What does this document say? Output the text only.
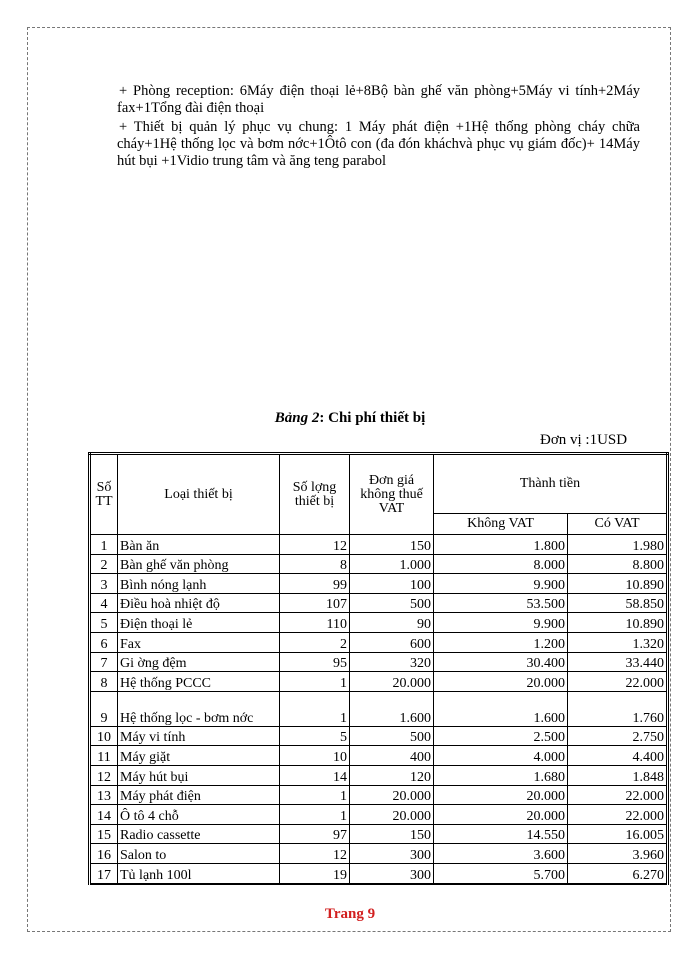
+ Phòng reception: 6Máy điện thoại lẻ+8Bộ bàn ghế văn phòng+5Máy vi tính+2Máy fax+1Tổng đài điện thoại

+ Thiết bị quản lý phục vụ chung: 1 Máy phát điện +1Hệ thống phòng cháy chữa cháy+1Hệ thống lọc và bơm nớc+1Ôtô con (đa đón kháchvà phục vụ giám đốc)+ 14Máy hút bụi +1Vidio trung tâm và ăng teng parabol

Bảng 2: Chi phí thiết bị
Đơn vị :1USD
Số TT	Loại thiết bị	Số lợng thiết bị	Đơn giá không thuế VAT	Thành tiền	
				Không VAT	Có VAT
1	Bàn ăn	12	150	1.800	1.980
2	Bàn ghế văn phòng	8	1.000	8.000	8.800
3	Bình nóng lạnh	99	100	9.900	10.890
4	Điều hoà nhiệt độ	107	500	53.500	58.850
5	Điện thoại lẻ	110	90	9.900	10.890
6	Fax	2	600	1.200	1.320
7	Gi ờng đệm	95	320	30.400	33.440
8	Hệ thống PCCC	1	20.000	20.000	22.000
9	Hệ thống lọc - bơm nớc	1	1.600	1.600	1.760
10	Máy vi tính	5	500	2.500	2.750
11	Máy giặt	10	400	4.000	4.400
12	Máy hút bụi	14	120	1.680	1.848
13	Máy phát điện	1	20.000	20.000	22.000
14	Ô tô 4 chỗ	1	20.000	20.000	22.000
15	Radio cassette	97	150	14.550	16.005
16	Salon to	12	300	3.600	3.960
17	Tủ lạnh 100l	19	300	5.700	6.270
Trang 9
